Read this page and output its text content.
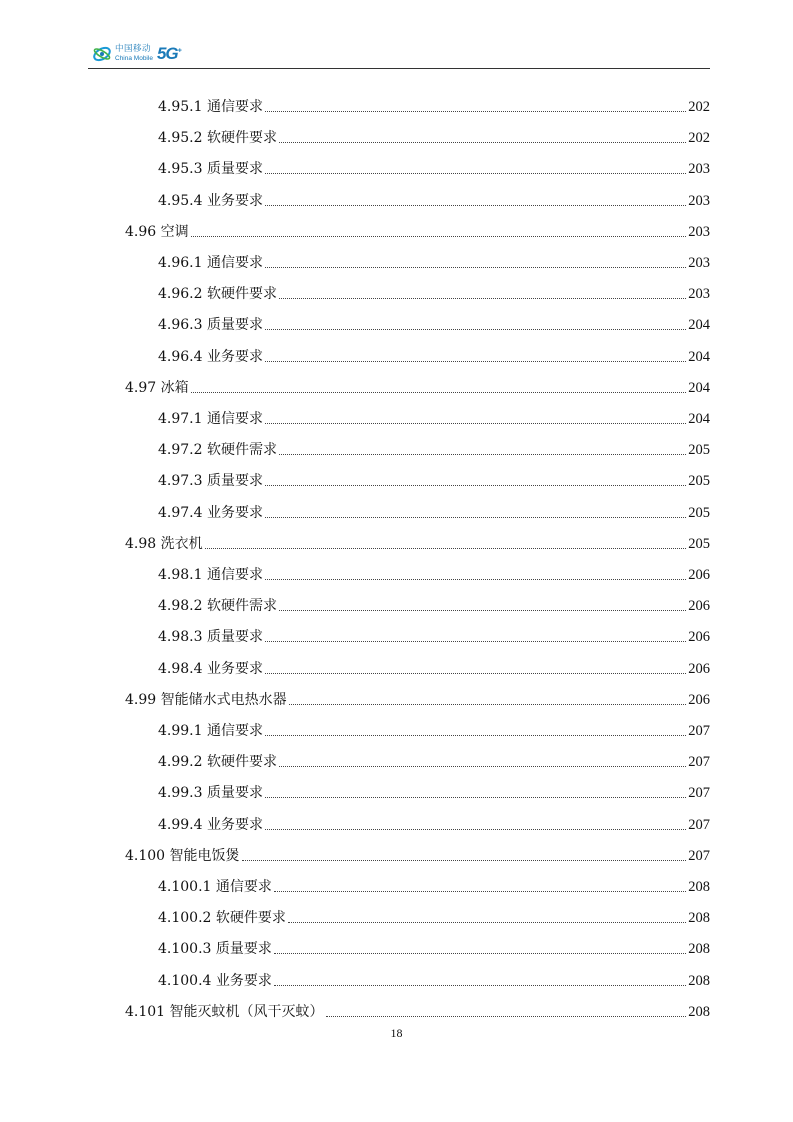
中国移动
China Mobile 5G+
4.95.1 通信要求	202
4.95.2 软硬件要求	202
4.95.3 质量要求	203
4.95.4 业务要求	203
4.96 空调	203
4.96.1 通信要求	203
4.96.2 软硬件要求	203
4.96.3 质量要求	204
4.96.4 业务要求	204
4.97 冰箱	204
4.97.1 通信要求	204
4.97.2 软硬件需求	205
4.97.3 质量要求	205
4.97.4 业务要求	205
4.98 洗衣机	205
4.98.1 通信要求	206
4.98.2 软硬件需求	206
4.98.3 质量要求	206
4.98.4 业务要求	206
4.99 智能储水式电热水器	206
4.99.1 通信要求	207
4.99.2 软硬件要求	207
4.99.3 质量要求	207
4.99.4 业务要求	207
4.100 智能电饭煲	207
4.100.1 通信要求	208
4.100.2 软硬件要求	208
4.100.3 质量要求	208
4.100.4 业务要求	208
4.101 智能灭蚊机（风干灭蚊）	208
18
